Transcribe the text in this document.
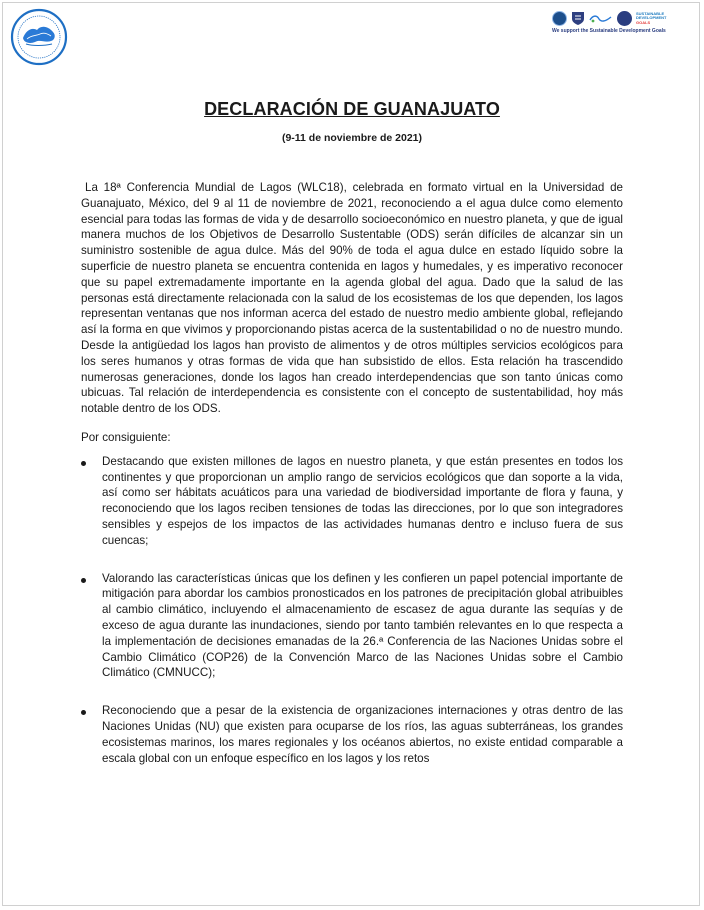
SUSTAINABLE
DEVELOPMENT
GOALS
We support the Sustainable Development Goals
DECLARACIÓN DE GUANAJUATO

(9-11 de noviembre de 2021)

La 18ª Conferencia Mundial de Lagos (WLC18), celebrada en formato virtual en la Universidad de Guanajuato, México, del 9 al 11 de noviembre de 2021, reconociendo a el agua dulce como elemento esencial para todas las formas de vida y de desarrollo socioeconómico en nuestro planeta, y que de igual manera muchos de los Objetivos de Desarrollo Sustentable (ODS) serán difíciles de alcanzar sin un suministro sostenible de agua dulce. Más del 90% de toda el agua dulce en estado líquido sobre la superficie de nuestro planeta se encuentra contenida en lagos y humedales, y es imperativo reconocer que su papel extremadamente importante en la agenda global del agua. Dado que la salud de las personas está directamente relacionada con la salud de los ecosistemas de los que dependen, los lagos representan ventanas que nos informan acerca del estado de nuestro medio ambiente global, reflejando así la forma en que vivimos y proporcionando pistas acerca de la sustentabilidad o no de nuestro mundo. Desde la antigüedad los lagos han provisto de alimentos y de otros múltiples servicios ecológicos para los seres humanos y otras formas de vida que han subsistido de ellos. Esta relación ha trascendido numerosas generaciones, donde los lagos han creado interdependencias que son tanto únicas como ubicuas. Tal relación de interdependencia es consistente con el concepto de sustentabilidad, hoy más notable dentro de los ODS.

Por consiguiente:

Destacando que existen millones de lagos en nuestro planeta, y que están presentes en todos los continentes y que proporcionan un amplio rango de servicios ecológicos que dan soporte a la vida, así como ser hábitats acuáticos para una variedad de biodiversidad importante de flora y fauna, y reconociendo que los lagos reciben tensiones de todas las direcciones, por lo que son integradores sensibles y espejos de los impactos de las actividades humanas dentro e incluso fuera de sus cuencas;

Valorando las características únicas que los definen y les confieren un papel potencial importante de mitigación para abordar los cambios pronosticados en los patrones de precipitación global atribuibles al cambio climático, incluyendo el almacenamiento de escasez de agua durante las sequías y de exceso de agua durante las inundaciones, siendo por tanto también relevantes en lo que respecta a la implementación de decisiones emanadas de la 26.ª Conferencia de las Naciones Unidas sobre el Cambio Climático (COP26) de la Convención Marco de las Naciones Unidas sobre el Cambio Climático (CMNUCC);

Reconociendo que a pesar de la existencia de organizaciones internaciones y otras dentro de las Naciones Unidas (NU) que existen para ocuparse de los ríos, las aguas subterráneas, los grandes ecosistemas marinos, los mares regionales y los océanos abiertos, no existe entidad comparable a escala global con un enfoque específico en los lagos y los retos
